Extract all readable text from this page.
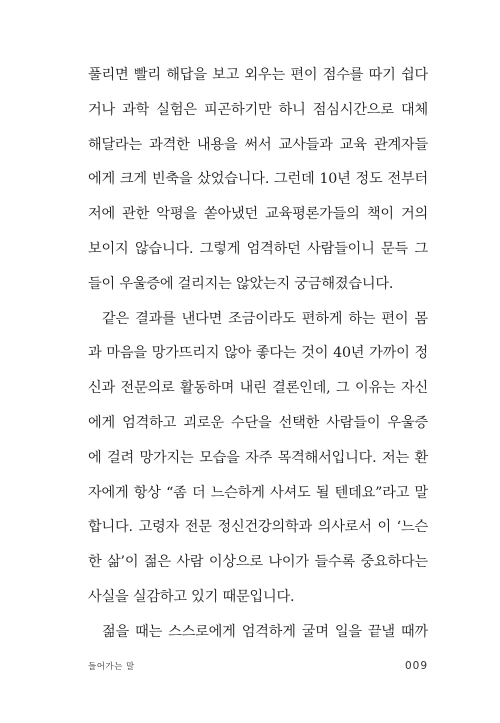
풀리면 빨리 해답을 보고 외우는 편이 점수를 따기 쉽다
거나 과학 실험은 피곤하기만 하니 점심시간으로 대체
해달라는 과격한 내용을 써서 교사들과 교육 관계자들
에게 크게 빈축을 샀었습니다. 그런데 10년 정도 전부터
저에 관한 악평을 쏟아냈던 교육평론가들의 책이 거의
보이지 않습니다. 그렇게 엄격하던 사람들이니 문득 그
들이 우울증에 걸리지는 않았는지 궁금해졌습니다.
같은 결과를 낸다면 조금이라도 편하게 하는 편이 몸
과 마음을 망가뜨리지 않아 좋다는 것이 40년 가까이 정
신과 전문의로 활동하며 내린 결론인데, 그 이유는 자신
에게 엄격하고 괴로운 수단을 선택한 사람들이 우울증
에 걸려 망가지는 모습을 자주 목격해서입니다. 저는 환
자에게 항상 “좀 더 느슨하게 사셔도 될 텐데요”라고 말
합니다. 고령자 전문 정신건강의학과 의사로서 이 ‘느슨
한 삶’이 젊은 사람 이상으로 나이가 들수록 중요하다는
사실을 실감하고 있기 때문입니다.
젊을 때는 스스로에게 엄격하게 굴며 일을 끝낼 때까
들어가는 말	009
